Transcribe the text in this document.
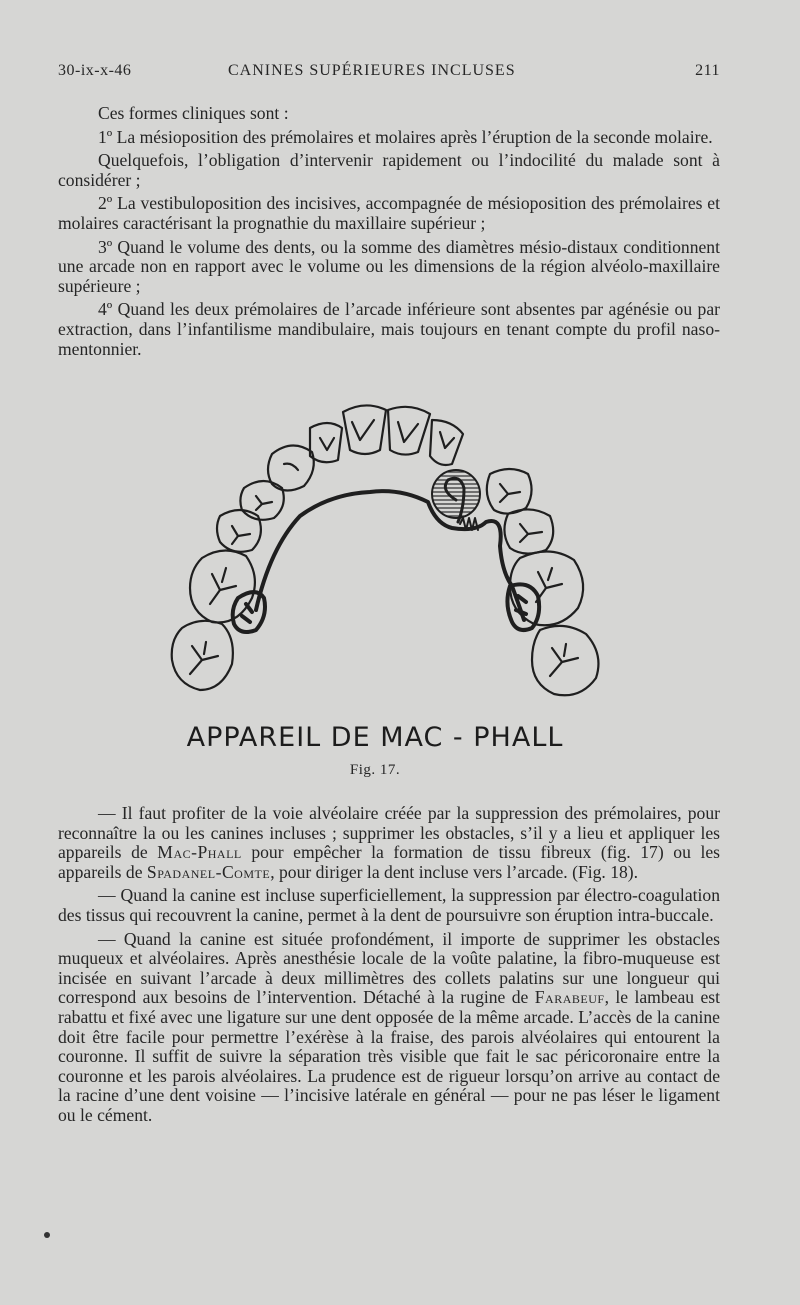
30-ix-x-46	CANINES SUPÉRIEURES INCLUSES	211

Ces formes cliniques sont :

1º La mésioposition des prémolaires et molaires après l’éruption de la seconde molaire.

Quelquefois, l’obligation d’intervenir rapidement ou l’indocilité du malade sont à considérer ;

2º La vestibuloposition des incisives, accompagnée de mésioposition des prémolaires et molaires caractérisant la prognathie du maxillaire supérieur ;

3º Quand le volume des dents, ou la somme des diamètres mésio-distaux conditionnent une arcade non en rapport avec le volume ou les dimensions de la région alvéolo-maxillaire supérieure ;

4º Quand les deux prémolaires de l’arcade inférieure sont absentes par agénésie ou par extraction, dans l’infantilisme mandibulaire, mais toujours en tenant compte du profil naso-mentonnier.

APPAREIL DE MAC - PHALL
Fig. 17.

— Il faut profiter de la voie alvéolaire créée par la suppression des prémolaires, pour reconnaître la ou les canines incluses ; supprimer les obstacles, s’il y a lieu et appliquer les appareils de Mac-Phall pour empêcher la formation de tissu fibreux (fig. 17) ou les appareils de Spadanel-Comte, pour diriger la dent incluse vers l’arcade. (Fig. 18).

— Quand la canine est incluse superficiellement, la suppression par électro-coagulation des tissus qui recouvrent la canine, permet à la dent de poursuivre son éruption intra-buccale.

— Quand la canine est située profondément, il importe de supprimer les obstacles muqueux et alvéolaires. Après anesthésie locale de la voûte palatine, la fibro-muqueuse est incisée en suivant l’arcade à deux millimètres des collets palatins sur une longueur qui correspond aux besoins de l’intervention. Détaché à la rugine de Farabeuf, le lambeau est rabattu et fixé avec une ligature sur une dent opposée de la même arcade. L’accès de la canine doit être facile pour permettre l’exérèse à la fraise, des parois alvéolaires qui entourent la couronne. Il suffit de suivre la séparation très visible que fait le sac péricoronaire entre la couronne et les parois alvéolaires. La prudence est de rigueur lorsqu’on arrive au contact de la racine d’une dent voisine — l’incisive latérale en général — pour ne pas léser le ligament ou le cément.
